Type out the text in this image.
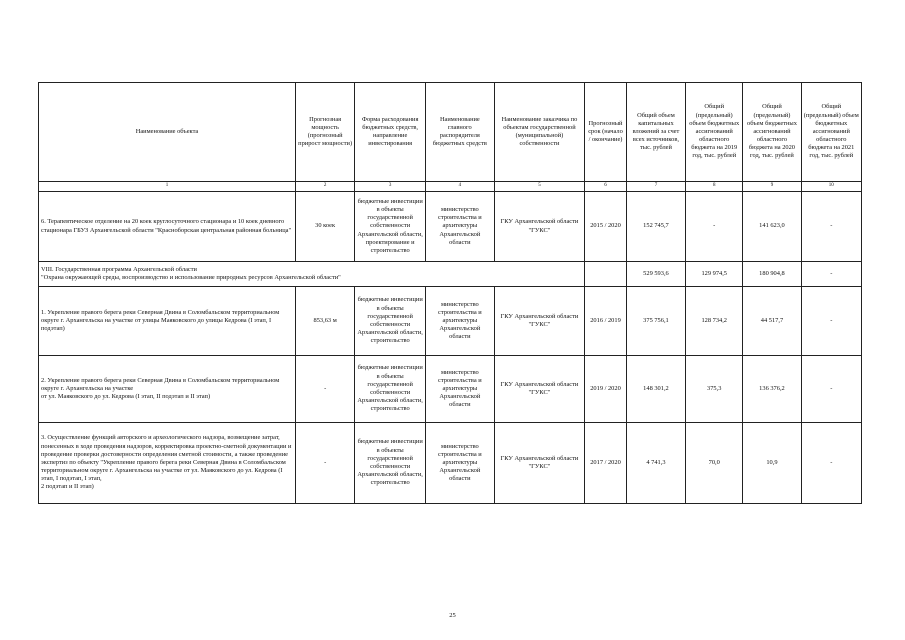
Наименование объекта	Прогнозная мощность (прогнозный прирост мощности)	Форма расходования бюджетных средств, направление инвестирования	Наименование главного распорядителя бюджетных средств	Наименование заказчика по объектам государственной (муниципальной) собственности	Прогнозный срок (начало / окончание)	Общий объем капитальных вложений за счет всех источников, тыс. рублей	Общий (предельный) объем бюджетных ассигнований областного бюджета на 2019 год, тыс. рублей	Общий (предельный) объем бюджетных ассигнований областного бюджета на 2020 год, тыс. рублей	Общий (предельный) объем бюджетных ассигнований областного бюджета на 2021 год, тыс. рублей
1	2	3	4	5	6	7	8	9	10
6. Терапевтическое отделение на 20 коек круглосуточного стационара и 10 коек дневного стационара ГБУЗ Архангельской области "Красноборская центральная районная больница"	30 коек	бюджетные инвестиции в объекты государственной собственности Архангельской области, проектирование и строительство	министерство строительства и архитектуры Архангельской области	ГКУ Архангельской области "ГУКС"	2015 / 2020	152 745,7	-	141 623,0	-
VIII. Государственная программа Архангельской области
"Охрана окружающей среды, воспроизводство и использование природных ресурсов Архангельской области"						529 593,6	129 974,5	180 904,8	-
1. Укрепление правого берега реки Северная Двина в Соломбальском территориальном округе г. Архангельска на участке от улицы Маяковского до улицы Кедрова (I этап, I подэтап)	853,63 м	бюджетные инвестиции в объекты государственной собственности Архангельской области, строительство	министерство строительства и архитектуры Архангельской области	ГКУ Архангельской области "ГУКС"	2016 / 2019	375 756,1	128 734,2	44 517,7	-
2. Укрепление правого берега реки Северная Двина в Соломбальском территориальном округе г. Архангельска на участке
от ул. Маяковского до ул. Кедрова (I этап, II подэтап и II этап)	-	бюджетные инвестиции в объекты государственной собственности Архангельской области, строительство	министерство строительства и архитектуры Архангельской области	ГКУ Архангельской области "ГУКС"	2019 / 2020	148 301,2	375,3	136 376,2	-
3. Осуществление функций авторского и археологического надзора, возмещение затрат, понесенных в ходе проведения надзоров, корректировка проектно-сметной документации и проведение проверки достоверности определения сметной стоимости, а также проведение экспертиз по объекту "Укрепление правого берега реки Северная Двина в Соломбальском территориальном округе г. Архангельска на участке от ул. Маяковского до ул. Кедрова (I этап, I подэтап, I этап,
2 подэтап и II этап)	-	бюджетные инвестиции в объекты государственной собственности Архангельской области, строительство	министерство строительства и архитектуры Архангельской области	ГКУ Архангельской области "ГУКС"	2017 / 2020	4 741,3	70,0	10,9	-
25
